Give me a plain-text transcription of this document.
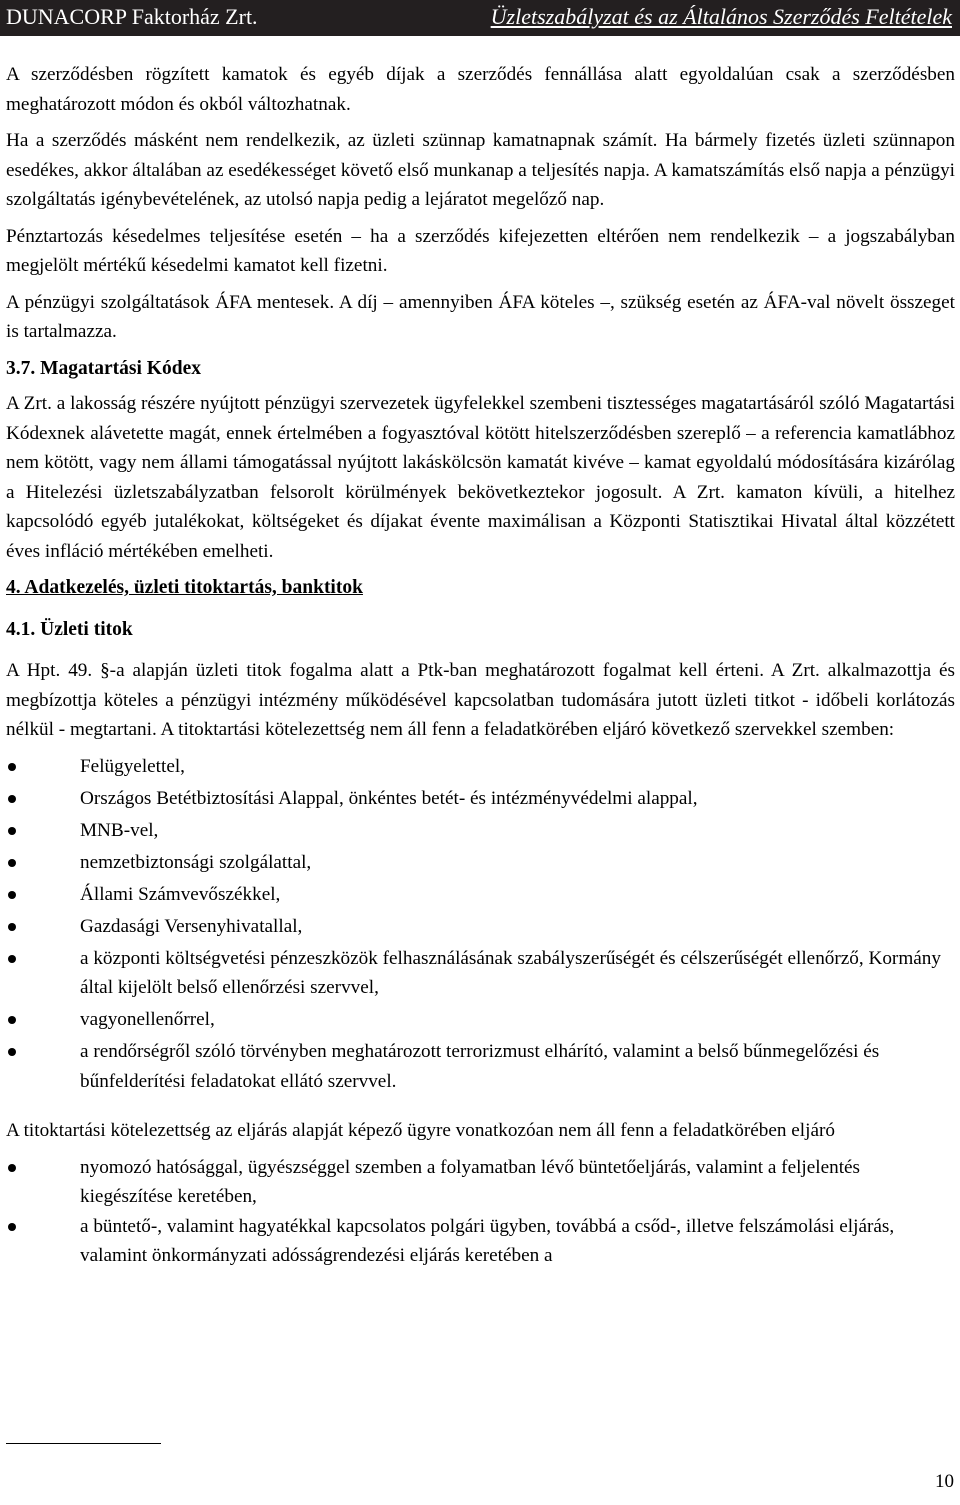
DUNACORP Faktorház Zrt.	Üzletszabályzat és az Általános Szerződés Feltételek

A szerződésben rögzített kamatok és egyéb díjak a szerződés fennállása alatt egyoldalúan csak a szerződésben meghatározott módon és okból változhatnak.

Ha a szerződés másként nem rendelkezik, az üzleti szünnap kamatnapnak számít. Ha bármely fizetés üzleti szünnapon esedékes, akkor általában az esedékességet követő első munkanap a teljesítés napja. A kamatszámítás első napja a pénzügyi szolgáltatás igénybevételének, az utolsó napja pedig a lejáratot megelőző nap.

Pénztartozás késedelmes teljesítése esetén – ha a szerződés kifejezetten eltérően nem rendelkezik – a jogszabályban megjelölt mértékű késedelmi kamatot kell fizetni.

A pénzügyi szolgáltatások ÁFA mentesek. A díj – amennyiben ÁFA köteles –, szükség esetén az ÁFA-val növelt összeget is tartalmazza.

3.7. Magatartási Kódex

A Zrt. a lakosság részére nyújtott pénzügyi szervezetek ügyfelekkel szembeni tisztességes magatartásáról szóló Magatartási Kódexnek alávetette magát, ennek értelmében a fogyasztóval kötött hitelszerződésben szereplő – a referencia kamatlábhoz nem kötött, vagy nem állami támogatással nyújtott lakáskölcsön kamatát kivéve – kamat egyoldalú módosítására kizárólag a Hitelezési üzletszabályzatban felsorolt körülmények bekövetkeztekor jogosult. A Zrt. kamaton kívüli, a hitelhez kapcsolódó egyéb jutalékokat, költségeket és díjakat évente maximálisan a Központi Statisztikai Hivatal által közzétett éves infláció mértékében emelheti.

4. Adatkezelés, üzleti titoktartás, banktitok
4.1. Üzleti titok

A Hpt. 49. §-a alapján üzleti titok fogalma alatt a Ptk-ban meghatározott fogalmat kell érteni. A Zrt. alkalmazottja és megbízottja köteles a pénzügyi intézmény működésével kapcsolatban tudomására jutott üzleti titkot - időbeli korlátozás nélkül - megtartani. A titoktartási kötelezettség nem áll fenn a feladatkörében eljáró következő szervekkel szemben:

Felügyelettel,
Országos Betétbiztosítási Alappal, önkéntes betét- és intézményvédelmi alappal,
MNB-vel,
nemzetbiztonsági szolgálattal,
Állami Számvevőszékkel,
Gazdasági Versenyhivatallal,
a központi költségvetési pénzeszközök felhasználásának szabályszerűségét és célszerűségét ellenőrző, Kormány által kijelölt belső ellenőrzési szervvel,
vagyonellenőrrel,
a rendőrségről szóló törvényben meghatározott terrorizmust elhárító, valamint a belső bűnmegelőzési és bűnfelderítési feladatokat ellátó szervvel.

A titoktartási kötelezettség az eljárás alapját képező ügyre vonatkozóan nem áll fenn a feladatkörében eljáró

nyomozó hatósággal, ügyészséggel szemben a folyamatban lévő büntetőeljárás, valamint a feljelentés kiegészítése keretében,
a büntető-, valamint hagyatékkal kapcsolatos polgári ügyben, továbbá a csőd-, illetve felszámolási eljárás, valamint önkormányzati adósságrendezési eljárás keretében a
10
